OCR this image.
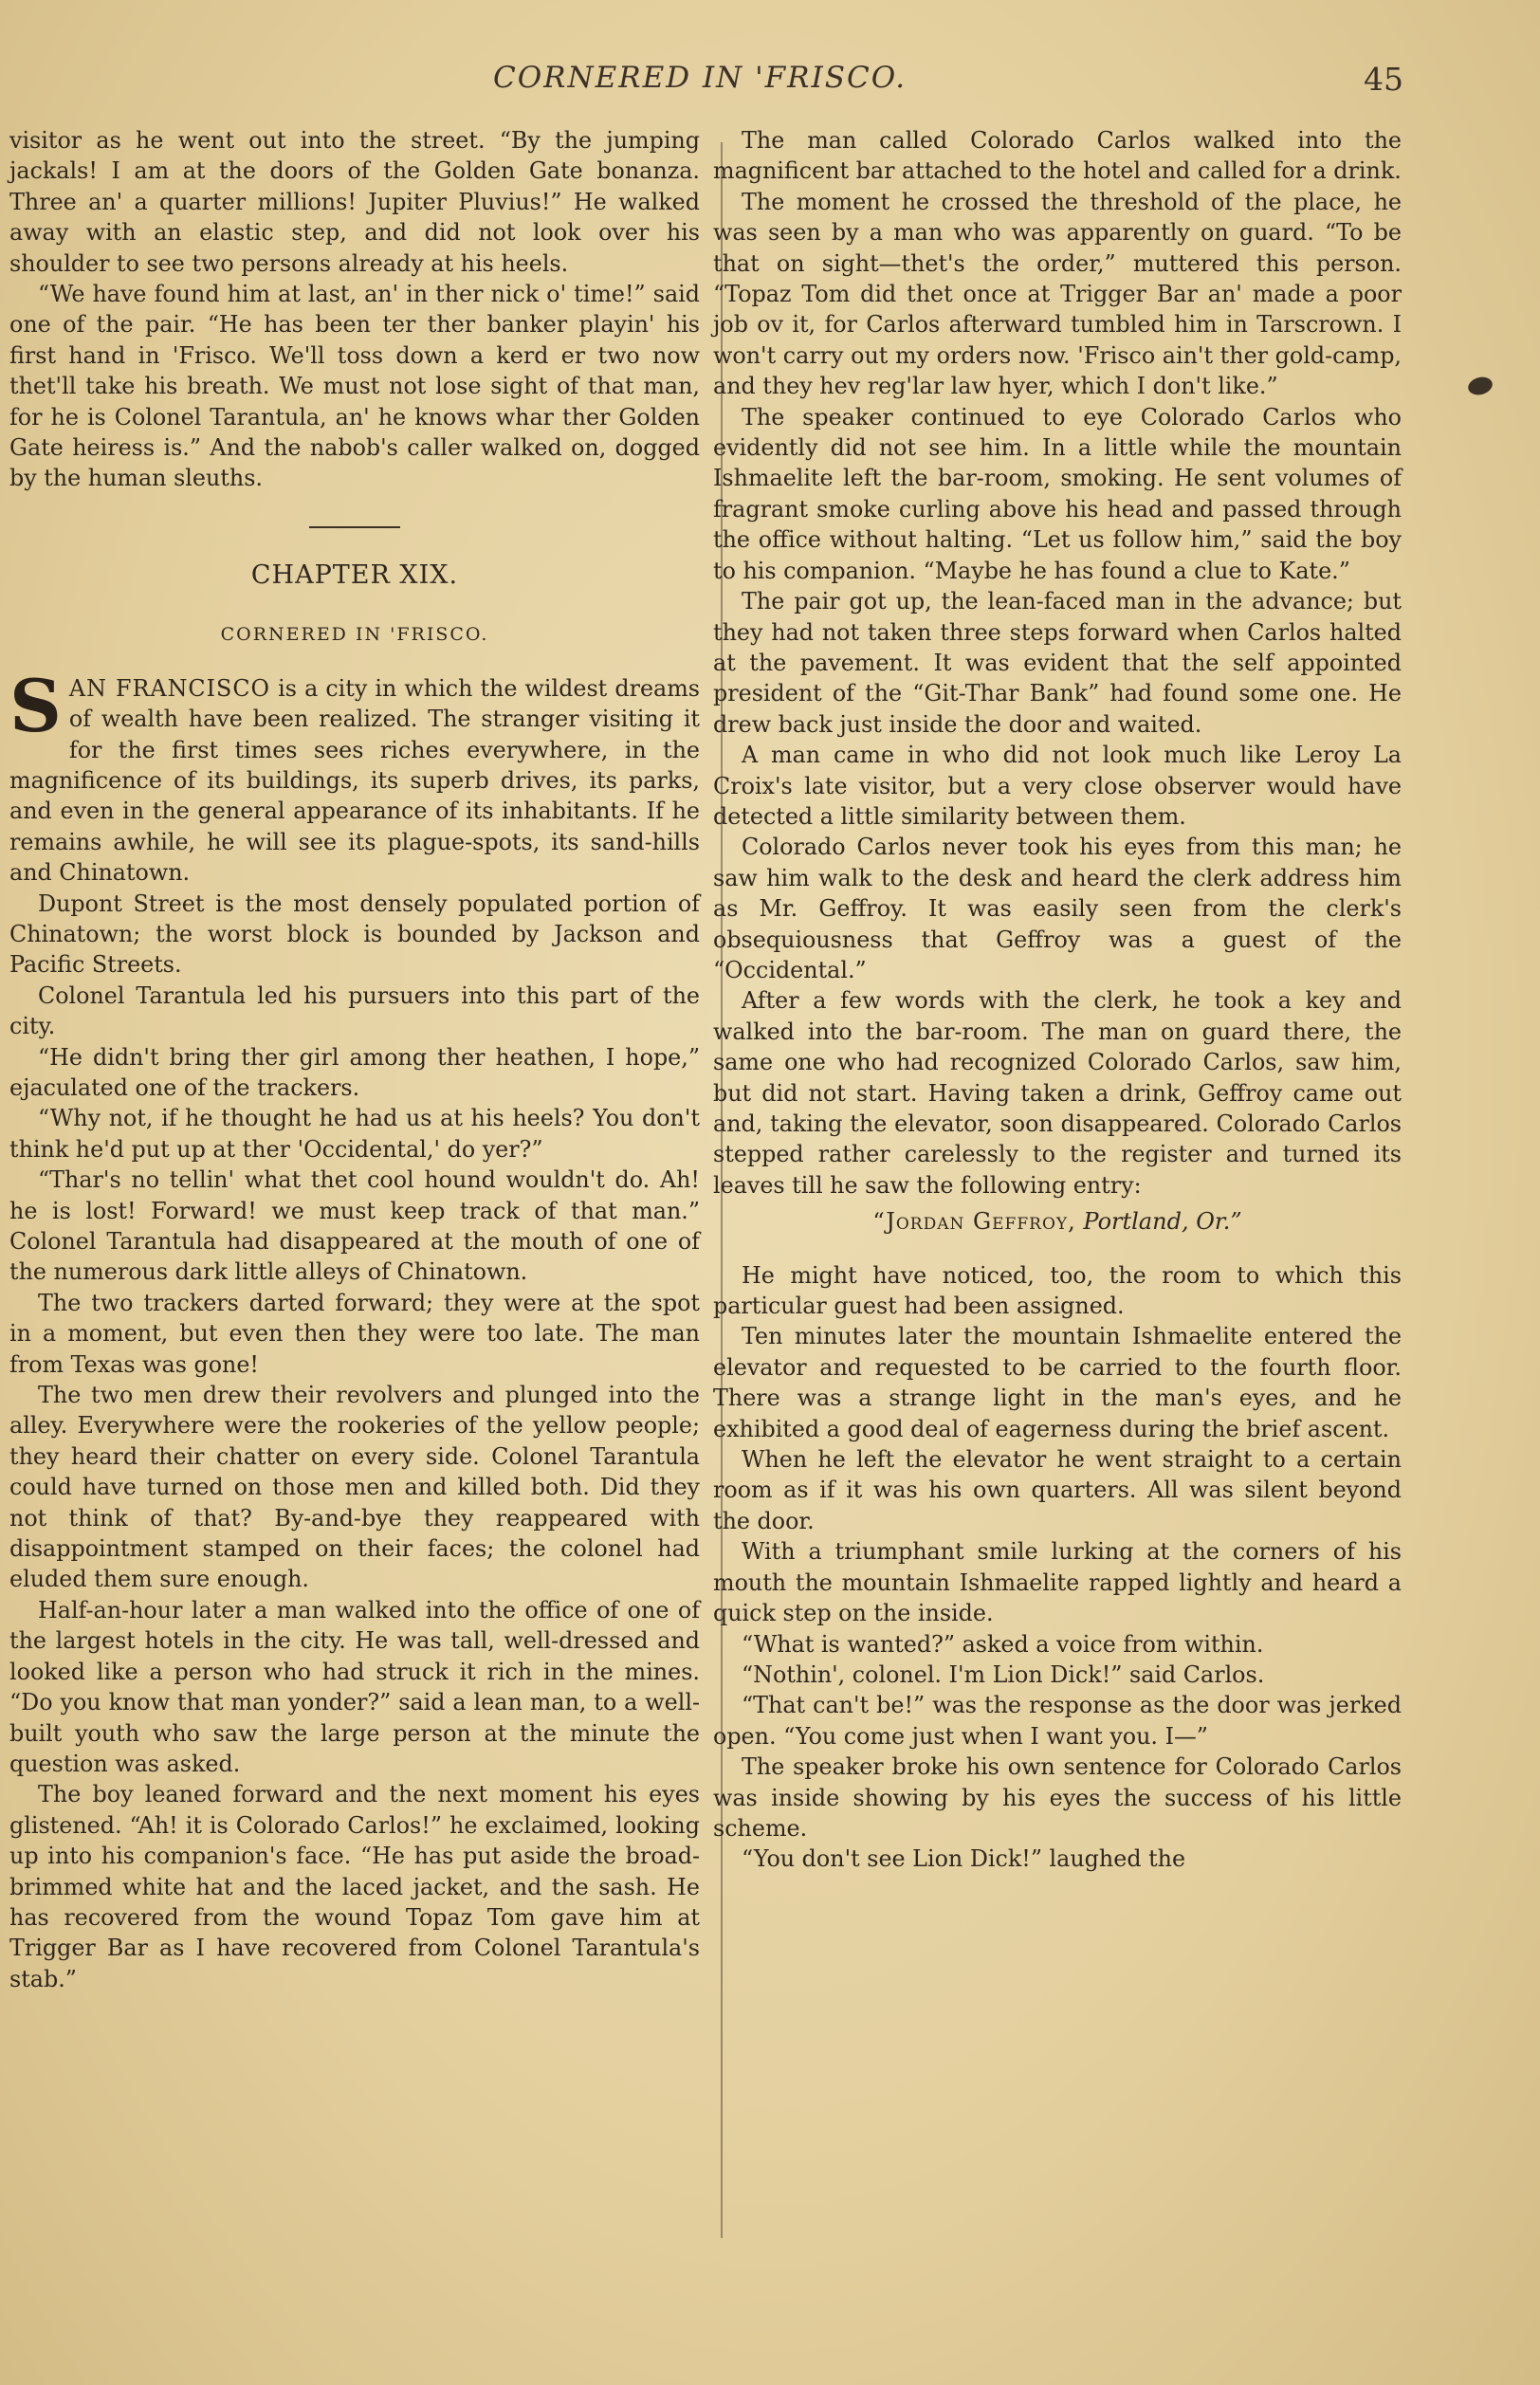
CORNERED IN 'FRISCO.	45

visitor as he went out into the street. “By the jumping jackals! I am at the doors of the Golden Gate bonanza. Three an' a quarter millions! Jupiter Pluvius!” He walked away with an elastic step, and did not look over his shoulder to see two persons already at his heels.

“We have found him at last, an' in ther nick o' time!” said one of the pair. “He has been ter ther banker playin' his first hand in 'Frisco. We'll toss down a kerd er two now thet'll take his breath. We must not lose sight of that man, for he is Colonel Tarantula, an' he knows whar ther Golden Gate heiress is.” And the nabob's caller walked on, dogged by the human sleuths.

CHAPTER XIX.
CORNERED IN 'FRISCO.

SAN FRANCISCO is a city in which the wildest dreams of wealth have been realized. The stranger visiting it for the first times sees riches everywhere, in the magnificence of its buildings, its superb drives, its parks, and even in the general appearance of its inhabitants. If he remains awhile, he will see its plague-spots, its sand-hills and Chinatown.

Dupont Street is the most densely populated portion of Chinatown; the worst block is bounded by Jackson and Pacific Streets.

Colonel Tarantula led his pursuers into this part of the city.

“He didn't bring ther girl among ther heathen, I hope,” ejaculated one of the trackers.

“Why not, if he thought he had us at his heels? You don't think he'd put up at ther 'Occidental,' do yer?”

“Thar's no tellin' what thet cool hound wouldn't do. Ah! he is lost! Forward! we must keep track of that man.” Colonel Tarantula had disappeared at the mouth of one of the numerous dark little alleys of Chinatown.

The two trackers darted forward; they were at the spot in a moment, but even then they were too late. The man from Texas was gone!

The two men drew their revolvers and plunged into the alley. Everywhere were the rookeries of the yellow people; they heard their chatter on every side. Colonel Tarantula could have turned on those men and killed both. Did they not think of that? By-and-bye they reappeared with disappointment stamped on their faces; the colonel had eluded them sure enough.

Half-an-hour later a man walked into the office of one of the largest hotels in the city. He was tall, well-dressed and looked like a person who had struck it rich in the mines. “Do you know that man yonder?” said a lean man, to a well-built youth who saw the large person at the minute the question was asked.

The boy leaned forward and the next moment his eyes glistened. “Ah! it is Colorado Carlos!” he exclaimed, looking up into his companion's face. “He has put aside the broad-brimmed white hat and the laced jacket, and the sash. He has recovered from the wound Topaz Tom gave him at Trigger Bar as I have recovered from Colonel Tarantula's stab.”

The man called Colorado Carlos walked into the magnificent bar attached to the hotel and called for a drink.

The moment he crossed the threshold of the place, he was seen by a man who was apparently on guard. “To be that on sight—thet's the order,” muttered this person. “Topaz Tom did thet once at Trigger Bar an' made a poor job ov it, for Carlos afterward tumbled him in Tarscrown. I won't carry out my orders now. 'Frisco ain't ther gold-camp, and they hev reg'lar law hyer, which I don't like.”

The speaker continued to eye Colorado Carlos who evidently did not see him. In a little while the mountain Ishmaelite left the bar-room, smoking. He sent volumes of fragrant smoke curling above his head and passed through the office without halting. “Let us follow him,” said the boy to his companion. “Maybe he has found a clue to Kate.”

The pair got up, the lean-faced man in the advance; but they had not taken three steps forward when Carlos halted at the pavement. It was evident that the self appointed president of the “Git-Thar Bank” had found some one. He drew back just inside the door and waited.

A man came in who did not look much like Leroy La Croix's late visitor, but a very close observer would have detected a little similarity between them.

Colorado Carlos never took his eyes from this man; he saw him walk to the desk and heard the clerk address him as Mr. Geffroy. It was easily seen from the clerk's obsequiousness that Geffroy was a guest of the “Occidental.”

After a few words with the clerk, he took a key and walked into the bar-room. The man on guard there, the same one who had recognized Colorado Carlos, saw him, but did not start. Having taken a drink, Geffroy came out and, taking the elevator, soon disappeared. Colorado Carlos stepped rather carelessly to the register and turned its leaves till he saw the following entry:

“Jordan Geffroy, Portland, Or.”

He might have noticed, too, the room to which this particular guest had been assigned.

Ten minutes later the mountain Ishmaelite entered the elevator and requested to be carried to the fourth floor. There was a strange light in the man's eyes, and he exhibited a good deal of eagerness during the brief ascent.

When he left the elevator he went straight to a certain room as if it was his own quarters. All was silent beyond the door.

With a triumphant smile lurking at the corners of his mouth the mountain Ishmaelite rapped lightly and heard a quick step on the inside.

“What is wanted?” asked a voice from within.

“Nothin', colonel. I'm Lion Dick!” said Carlos.

“That can't be!” was the response as the door was jerked open. “You come just when I want you. I—”

The speaker broke his own sentence for Colorado Carlos was inside showing by his eyes the success of his little scheme.

“You don't see Lion Dick!” laughed the
